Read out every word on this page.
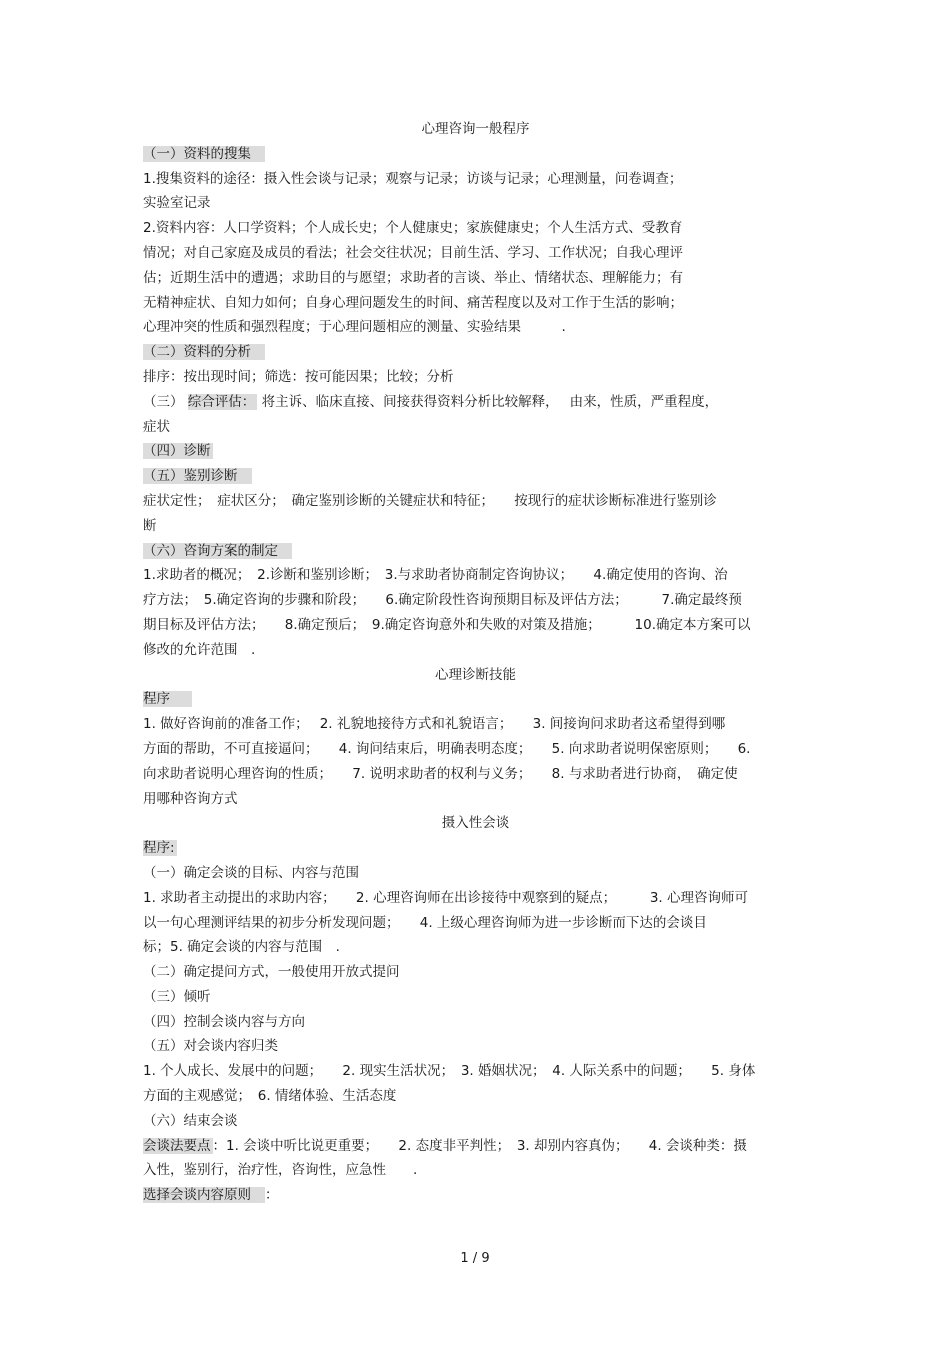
心理咨询一般程序

（一）资料的搜集

1.搜集资料的途径：摄入性会谈与记录；观察与记录；访谈与记录；心理测量，问卷调查；

实验室记录

2.资料内容：人口学资料；个人成长史；个人健康史；家族健康史；个人生活方式、受教育

情况；对自己家庭及成员的看法；社会交往状况；目前生活、学习、工作状况；自我心理评

估；近期生活中的遭遇；求助目的与愿望；求助者的言谈、举止、情绪状态、理解能力；有

无精神症状、自知力如何；自身心理问题发生的时间、痛苦程度以及对工作于生活的影响；

心理冲突的性质和强烈程度；于心理问题相应的测量、实验结果　　　.

（二）资料的分析

排序：按出现时间；筛选：按可能因果；比较；分析

（三） 综合评估： 将主诉、临床直接、间接获得资料分析比较解释，　 由来，性质，严重程度，

症状

（四）诊断

（五）鉴别诊断

症状定性；　症状区分；　确定鉴别诊断的关键症状和特征；　　按现行的症状诊断标准进行鉴别诊

断

（六）咨询方案的制定

1.求助者的概况；　2.诊断和鉴别诊断；　3.与求助者协商制定咨询协议；　　4.确定使用的咨询、治

疗方法；　5.确定咨询的步骤和阶段；　　6.确定阶段性咨询预期目标及评估方法；　　　7.确定最终预

期目标及评估方法；　　8.确定预后；　9.确定咨询意外和失败的对策及措施；　　　10.确定本方案可以

修改的允许范围　.

心理诊断技能

程序

1. 做好咨询前的准备工作；　 2. 礼貌地接待方式和礼貌语言；　　3. 间接询问求助者这希望得到哪

方面的帮助，不可直接逼问；　　4. 询问结束后，明确表明态度；　　5. 向求助者说明保密原则；　　6.

向求助者说明心理咨询的性质；　　7. 说明求助者的权利与义务；　　8. 与求助者进行协商，　确定使

用哪种咨询方式

摄入性会谈

程序:

（一）确定会谈的目标、内容与范围

1. 求助者主动提出的求助内容；　　2. 心理咨询师在出诊接待中观察到的疑点；　　　3. 心理咨询师可

以一句心理测评结果的初步分析发现问题；　　4. 上级心理咨询师为进一步诊断而下达的会谈目

标；5. 确定会谈的内容与范围　.

（二）确定提问方式，一般使用开放式提问

（三）倾听

（四）控制会谈内容与方向

（五）对会谈内容归类

1. 个人成长、发展中的问题；　　2. 现实生活状况；　3. 婚姻状况；　4. 人际关系中的问题；　　5. 身体

方面的主观感觉；　6. 情绪体验、生活态度

（六）结束会谈

会谈法要点 ：1. 会谈中听比说更重要；　　2. 态度非平判性；　3. 却别内容真伪；　　4. 会谈种类：摄

入性，鉴别行，治疗性，咨询性，应急性　　.

选择会谈内容原则 ：

1 / 9
